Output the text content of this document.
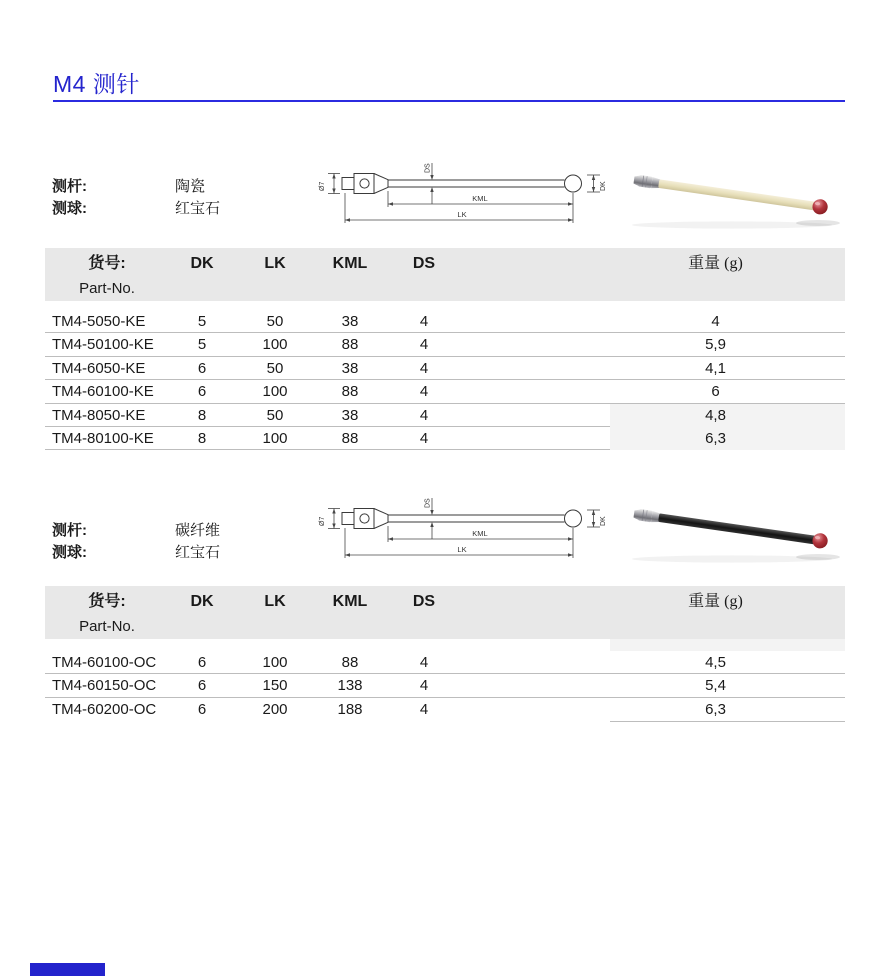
M4 测针
测杆:	陶瓷
测球:	红宝石
Ø7
DS
DK
KML
LK
货号:
Part-No.
DK	LK	KML	DS	重量 (g)
TM4-5050-KE	5	50	38	4	4
TM4-50100-KE	5	100	88	4	5,9
TM4-6050-KE	6	50	38	4	4,1
TM4-60100-KE	6	100	88	4	6
TM4-8050-KE	8	50	38	4	4,8
TM4-80100-KE	8	100	88	4	6,3
测杆:	碳纤维
测球:	红宝石
Ø7
DS
DK
KML
LK
货号:
Part-No.
DK	LK	KML	DS	重量 (g)
TM4-60100-OC	6	100	88	4	4,5
TM4-60150-OC	6	150	138	4	5,4
TM4-60200-OC	6	200	188	4	6,3
